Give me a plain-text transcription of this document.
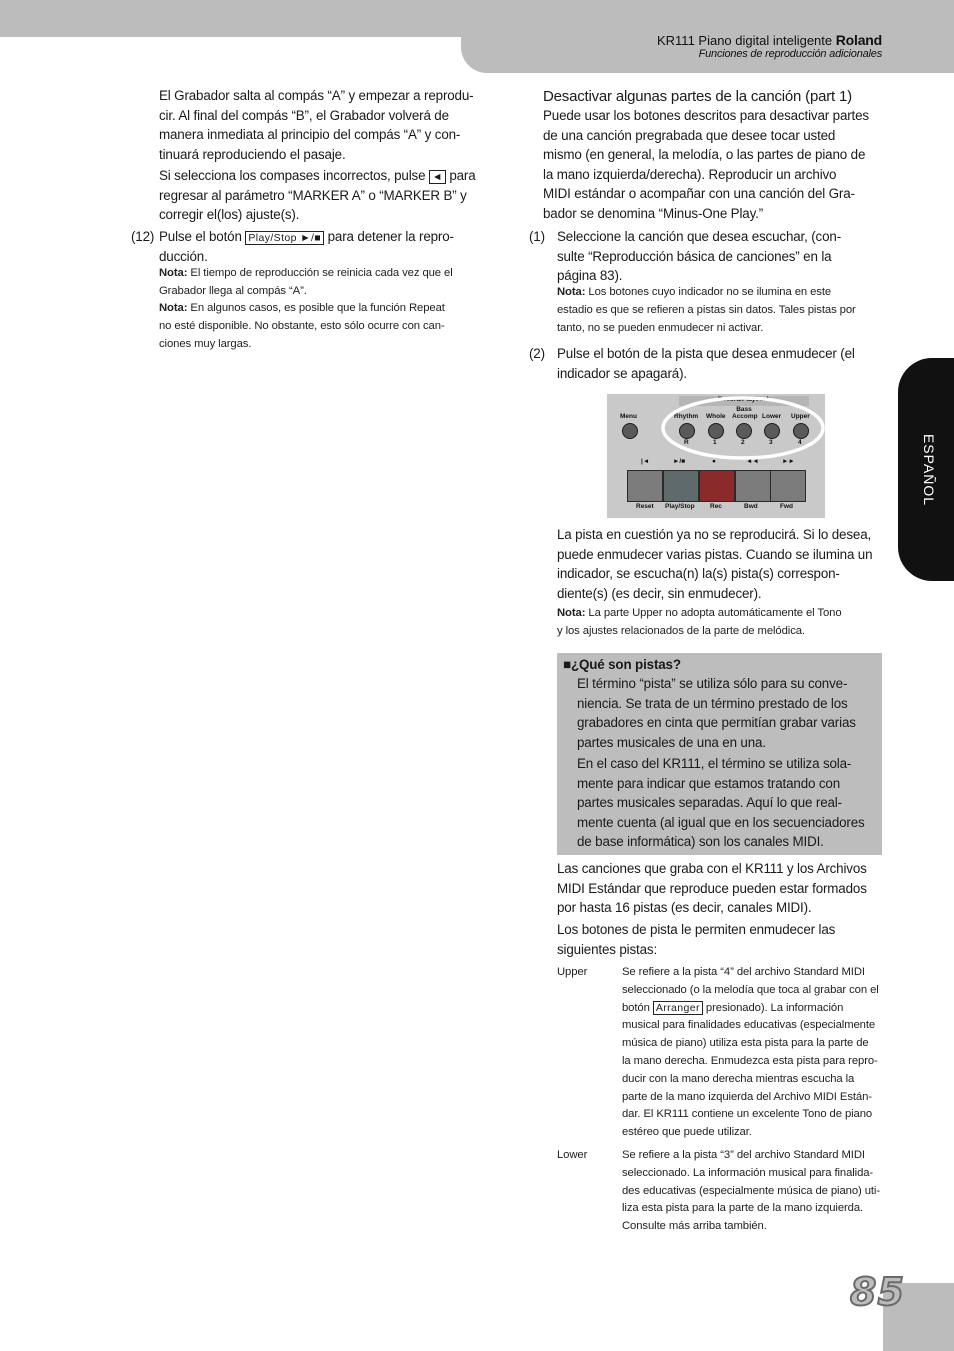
KR111 Piano digital inteligente Roland
Funciones de reproducción adicionales
ESPAÑOL
85
El Grabador salta al compás “A” y empezar a reprodu-
cir. Al final del compás “B”, el Grabador volverá de
manera inmediata al principio del compás “A” y con-
tinuará reproduciendo el pasaje.
Si selecciona los compases incorrectos, pulse ◄ para
regresar al parámetro “MARKER A” o “MARKER B” y
corregir el(los) ajuste(s).
(12) Pulse el botón Play/Stop ►/■ para detener la repro-
ducción.
Nota: El tiempo de reproducción se reinicia cada vez que el
Grabador llega al compás “A”.
Nota: En algunos casos, es posible que la función Repeat
no esté disponible. No obstante, esto sólo ocurre con can-
ciones muy largas.
Desactivar algunas partes de la canción (part 1)
Puede usar los botones descritos para desactivar partes
de una canción pregrabada que desee tocar usted
mismo (en general, la melodía, o las partes de piano de
la mano izquierda/derecha). Reproducir un archivo
MIDI estándar o acompañar con una canción del Gra-
bador se denomina “Minus-One Play.”
(1) Seleccione la canción que desea escuchar, (con-
sulte “Reproducción básica de canciones” en la
página 83).
Nota: Los botones cuyo indicador no se ilumina en este
estadio es que se refieren a pistas sin datos. Tales pistas por
tanto, no se pueden enmudecer ni activar.
(2) Pulse el botón de la pista que desea enmudecer (el
indicador se apagará).
Record/Playback
Menu	Rhythm Whole
Bass Accomp Lower Upper
R	1	2	3	4
|◄	►/■	●	◄◄	►►
Reset Play/Stop Rec	Bwd	Fwd
La pista en cuestión ya no se reproducirá. Si lo desea,
puede enmudecer varias pistas. Cuando se ilumina un
indicador, se escucha(n) la(s) pista(s) correspon-
diente(s) (es decir, sin enmudecer).
Nota: La parte Upper no adopta automáticamente el Tono
y los ajustes relacionados de la parte de melódica.
■¿Qué son pistas?
El término “pista” se utiliza sólo para su conve-
niencia. Se trata de un término prestado de los
grabadores en cinta que permitían grabar varias
partes musicales de una en una.
En el caso del KR111, el término se utiliza sola-
mente para indicar que estamos tratando con
partes musicales separadas. Aquí lo que real-
mente cuenta (al igual que en los secuenciadores
de base informática) son los canales MIDI.
Las canciones que graba con el KR111 y los Archivos
MIDI Estándar que reproduce pueden estar formados
por hasta 16 pistas (es decir, canales MIDI).
Los botones de pista le permiten enmudecer las
siguientes pistas:
Upper	Se refiere a la pista “4” del archivo Standard MIDI
seleccionado (o la melodía que toca al grabar con el
botón Arranger presionado). La información
musical para finalidades educativas (especialmente
música de piano) utiliza esta pista para la parte de
la mano derecha. Enmudezca esta pista para repro-
ducir con la mano derecha mientras escucha la
parte de la mano izquierda del Archivo MIDI Están-
dar. El KR111 contiene un excelente Tono de piano
estéreo que puede utilizar.
Lower	Se refiere a la pista “3” del archivo Standard MIDI
seleccionado. La información musical para finalida-
des educativas (especialmente música de piano) uti-
liza esta pista para la parte de la mano izquierda.
Consulte más arriba también.
